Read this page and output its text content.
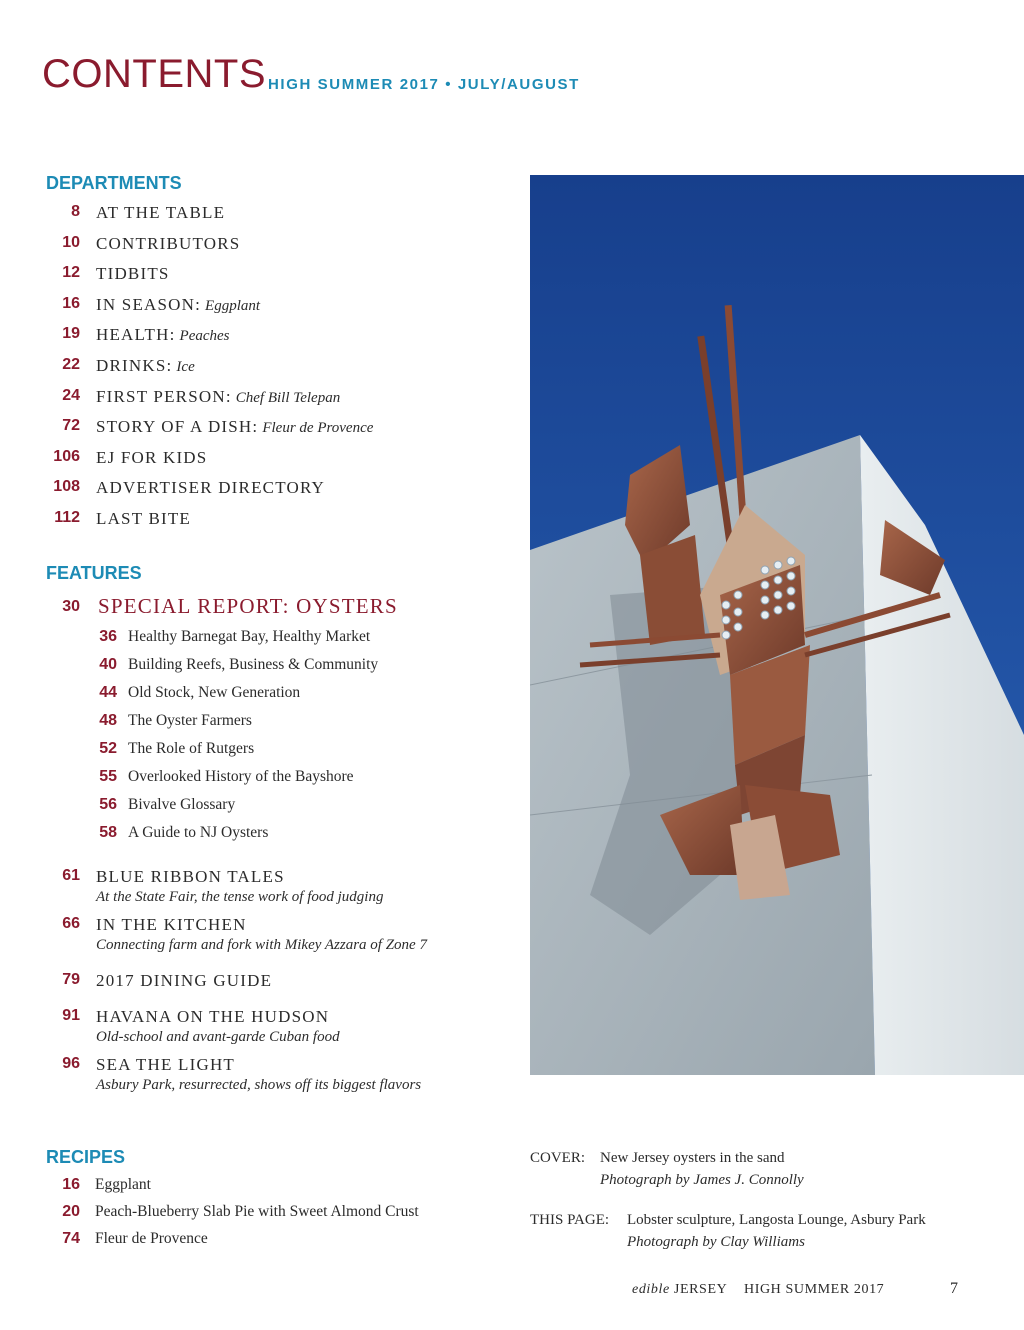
CONTENTS HIGH SUMMER 2017 • JULY/AUGUST
DEPARTMENTS
8 AT THE TABLE
10 CONTRIBUTORS
12 TIDBITS
16 IN SEASON: Eggplant
19 HEALTH: Peaches
22 DRINKS: Ice
24 FIRST PERSON: Chef Bill Telepan
72 STORY OF A DISH: Fleur de Provence
106 EJ FOR KIDS
108 ADVERTISER DIRECTORY
112 LAST BITE
FEATURES
30 SPECIAL REPORT: OYSTERS
36 Healthy Barnegat Bay, Healthy Market
40 Building Reefs, Business & Community
44 Old Stock, New Generation
48 The Oyster Farmers
52 The Role of Rutgers
55 Overlooked History of the Bayshore
56 Bivalve Glossary
58 A Guide to NJ Oysters
61 BLUE RIBBON TALES
At the State Fair, the tense work of food judging
66 IN THE KITCHEN
Connecting farm and fork with Mikey Azzara of Zone 7
79 2017 DINING GUIDE
91 HAVANA ON THE HUDSON
Old-school and avant-garde Cuban food
96 SEA THE LIGHT
Asbury Park, resurrected, shows off its biggest flavors
RECIPES
16 Eggplant
20 Peach-Blueberry Slab Pie with Sweet Almond Crust
74 Fleur de Provence
COVER: New Jersey oysters in the sand
Photograph by James J. Connolly
THIS PAGE: Lobster sculpture, Langosta Lounge, Asbury Park
Photograph by Clay Williams
edible JERSEY HIGH SUMMER 2017	7
